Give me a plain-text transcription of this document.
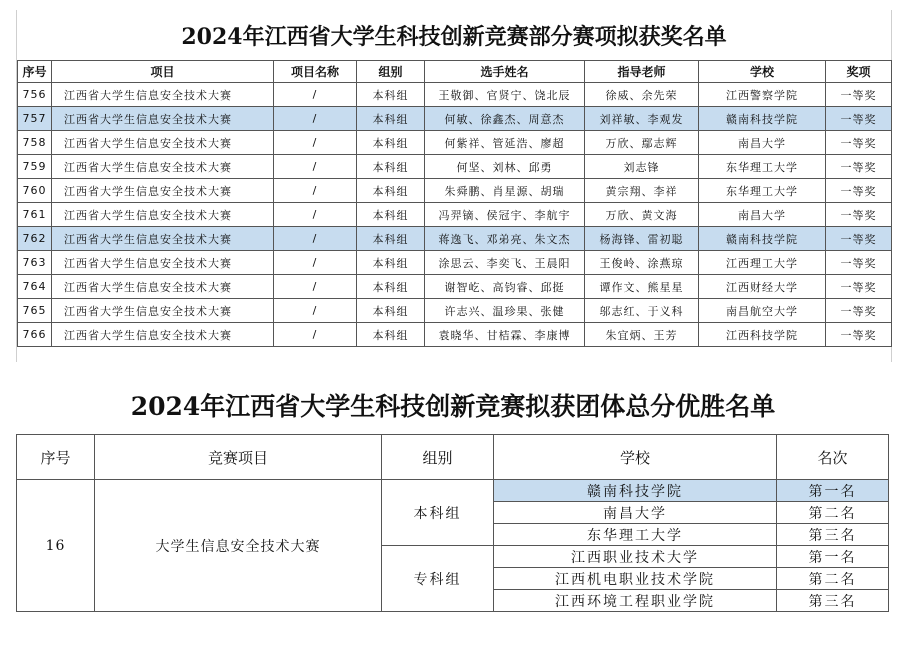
2024年江西省大学生科技创新竞赛部分赛项拟获奖名单
序号	项目	项目名称	组别	选手姓名	指导老师	学校	奖项
756	江西省大学生信息安全技术大赛	/	本科组	王敬御、官贤宁、饶北辰	徐威、余先荣	江西警察学院	一等奖
757	江西省大学生信息安全技术大赛	/	本科组	何敏、徐鑫杰、周意杰	刘祥敏、李观发	赣南科技学院	一等奖
758	江西省大学生信息安全技术大赛	/	本科组	何紫祥、管延浩、廖超	万欣、鄢志辉	南昌大学	一等奖
759	江西省大学生信息安全技术大赛	/	本科组	何坚、刘林、邱勇	刘志锋	东华理工大学	一等奖
760	江西省大学生信息安全技术大赛	/	本科组	朱舜鹏、肖星源、胡瑞	黄宗翔、李祥	东华理工大学	一等奖
761	江西省大学生信息安全技术大赛	/	本科组	冯羿镝、侯冠宇、李航宇	万欣、黄文海	南昌大学	一等奖
762	江西省大学生信息安全技术大赛	/	本科组	蒋逸飞、邓弟亮、朱文杰	杨海锋、雷初聪	赣南科技学院	一等奖
763	江西省大学生信息安全技术大赛	/	本科组	涂思云、李奕飞、王晨阳	王俊岭、涂燕琼	江西理工大学	一等奖
764	江西省大学生信息安全技术大赛	/	本科组	谢智屹、高钧睿、邱挺	谭作文、熊星星	江西财经大学	一等奖
765	江西省大学生信息安全技术大赛	/	本科组	许志兴、温珍果、张健	邬志红、于义科	南昌航空大学	一等奖
766	江西省大学生信息安全技术大赛	/	本科组	袁晓华、甘桔霖、李康博	朱宜炳、王芳	江西科技学院	一等奖
2024年江西省大学生科技创新竞赛拟获团体总分优胜名单
序号	竞赛项目	组别	学校	名次
16	大学生信息安全技术大赛	本科组	赣南科技学院	第一名
			南昌大学	第二名
			东华理工大学	第三名
		专科组	江西职业技术大学	第一名
			江西机电职业技术学院	第二名
			江西环境工程职业学院	第三名
